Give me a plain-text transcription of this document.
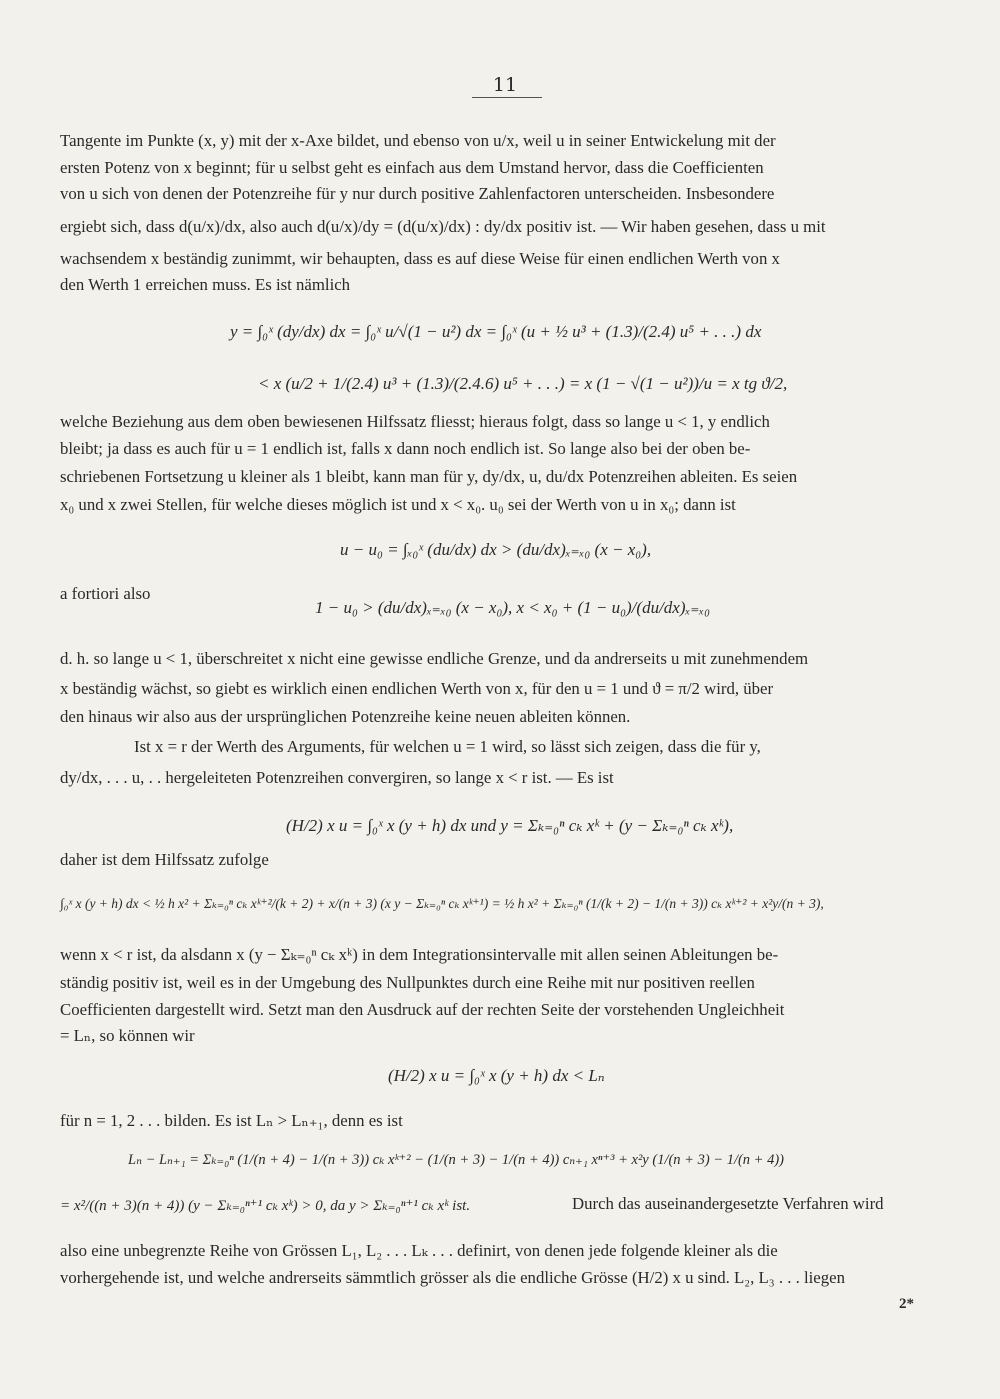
11
Tangente im Punkte (x, y) mit der x-Axe bildet, und ebenso von u/x, weil u in seiner Entwickelung mit der
ersten Potenz von x beginnt; für u selbst geht es einfach aus dem Umstand hervor, dass die Coefficienten
von u sich von denen der Potenzreihe für y nur durch positive Zahlenfactoren unterscheiden. Insbesondere
ergiebt sich, dass d(u/x)/dx, also auch d(u/x)/dy = (d(u/x)/dx) : dy/dx positiv ist. — Wir haben gesehen, dass u mit
wachsendem x beständig zunimmt, wir behaupten, dass es auf diese Weise für einen endlichen Werth von x
den Werth 1 erreichen muss. Es ist nämlich
y = ∫₀ˣ (dy/dx) dx = ∫₀ˣ u/√(1 − u²) dx = ∫₀ˣ (u + ½ u³ + (1.3)/(2.4) u⁵ + . . .) dx
< x (u/2 + 1/(2.4) u³ + (1.3)/(2.4.6) u⁵ + . . .) = x (1 − √(1 − u²))/u = x tg ϑ/2,
welche Beziehung aus dem oben bewiesenen Hilfssatz fliesst; hieraus folgt, dass so lange u < 1, y endlich
bleibt; ja dass es auch für u = 1 endlich ist, falls x dann noch endlich ist. So lange also bei der oben be-
schriebenen Fortsetzung u kleiner als 1 bleibt, kann man für y, dy/dx, u, du/dx Potenzreihen ableiten. Es seien
x₀ und x zwei Stellen, für welche dieses möglich ist und x < x₀. u₀ sei der Werth von u in x₀; dann ist
u − u₀ = ∫ₓ₀ˣ (du/dx) dx > (du/dx)ₓ₌ₓ₀ (x − x₀),
a fortiori also
1 − u₀ > (du/dx)ₓ₌ₓ₀ (x − x₀), x < x₀ + (1 − u₀)/(du/dx)ₓ₌ₓ₀
d. h. so lange u < 1, überschreitet x nicht eine gewisse endliche Grenze, und da andrerseits u mit zunehmendem
x beständig wächst, so giebt es wirklich einen endlichen Werth von x, für den u = 1 und ϑ = π/2 wird, über
den hinaus wir also aus der ursprünglichen Potenzreihe keine neuen ableiten können.
Ist x = r der Werth des Arguments, für welchen u = 1 wird, so lässt sich zeigen, dass die für y,
dy/dx, . . . u, . . hergeleiteten Potenzreihen convergiren, so lange x < r ist. — Es ist
(H/2) x u = ∫₀ˣ x (y + h) dx und y = Σₖ₌₀ⁿ cₖ xᵏ + (y − Σₖ₌₀ⁿ cₖ xᵏ),
daher ist dem Hilfssatz zufolge
∫₀ˣ x (y + h) dx < ½ h x² + Σₖ₌₀ⁿ cₖ xᵏ⁺²/(k + 2) + x/(n + 3) (x y − Σₖ₌₀ⁿ cₖ xᵏ⁺¹) = ½ h x² + Σₖ₌₀ⁿ (1/(k + 2) − 1/(n + 3)) cₖ xᵏ⁺² + x²y/(n + 3),
wenn x < r ist, da alsdann x (y − Σₖ₌₀ⁿ cₖ xᵏ) in dem Integrationsintervalle mit allen seinen Ableitungen be-
ständig positiv ist, weil es in der Umgebung des Nullpunktes durch eine Reihe mit nur positiven reellen
Coefficienten dargestellt wird. Setzt man den Ausdruck auf der rechten Seite der vorstehenden Ungleichheit
= Lₙ, so können wir
(H/2) x u = ∫₀ˣ x (y + h) dx < Lₙ
für n = 1, 2 . . . bilden. Es ist Lₙ > Lₙ₊₁, denn es ist
Lₙ − Lₙ₊₁ = Σₖ₌₀ⁿ (1/(n + 4) − 1/(n + 3)) cₖ xᵏ⁺² − (1/(n + 3) − 1/(n + 4)) cₙ₊₁ xⁿ⁺³ + x²y (1/(n + 3) − 1/(n + 4))
= x²/((n + 3)(n + 4)) (y − Σₖ₌₀ⁿ⁺¹ cₖ xᵏ) > 0, da y > Σₖ₌₀ⁿ⁺¹ cₖ xᵏ ist.	Durch das auseinandergesetzte Verfahren wird
also eine unbegrenzte Reihe von Grössen L₁, L₂ . . . Lₖ . . . definirt, von denen jede folgende kleiner als die
vorhergehende ist, und welche andrerseits sämmtlich grösser als die endliche Grösse (H/2) x u sind. L₂, L₃ . . . liegen
2*
